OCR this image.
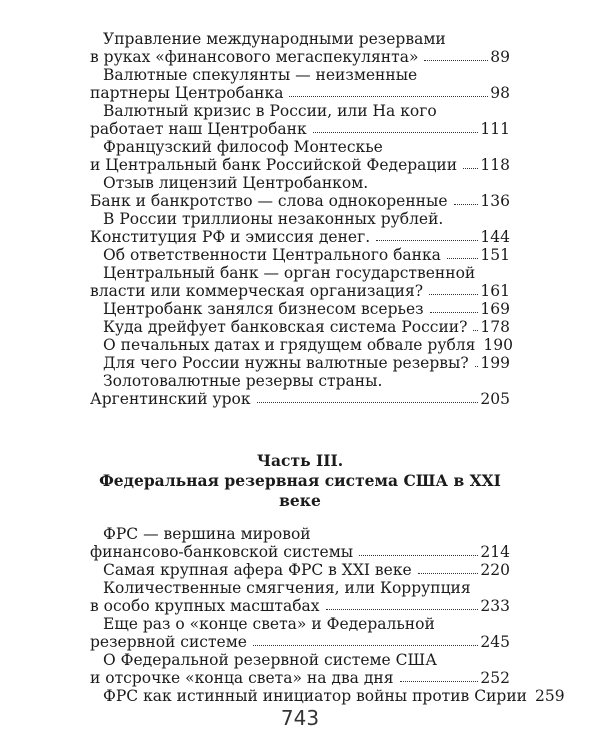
Управление международными резервами
в руках «финансового мегаспекулянта»	89
Валютные спекулянты — неизменные
партнеры Центробанка	98
Валютный кризис в России, или На кого
работает наш Центробанк	111
Французский философ Монтескье
и Центральный банк Российской Федерации 118
Отзыв лицензий Центробанком.
Банк и банкротство — слова однокоренные 136
В России триллионы незаконных рублей.
Конституция РФ и эмиссия денег.	144
Об ответственности Центрального банка	151
Центральный банк — орган государственной
власти или коммерческая организация?	161
Центробанк занялся бизнесом всерьез	169
Куда дрейфует банковская система России? 178
О печальных датах и грядущем обвале рубля 190
Для чего России нужны валютные резервы? 199
Золотовалютные резервы страны.
Аргентинский урок	205
Часть III.
Федеральная резервная система США в XXI веке
ФРС — вершина мировой
финансово-банковской системы	214
Самая крупная афера ФРС в XXI веке	220
Количественные смягчения, или Коррупция
в особо крупных масштабах	233
Еще раз о «конце света» и Федеральной
резервной системе	245
О Федеральной резервной системе США
и отсрочке «конца света» на два дня	252
ФРС как истинный инициатор войны против Сирии 259
743
